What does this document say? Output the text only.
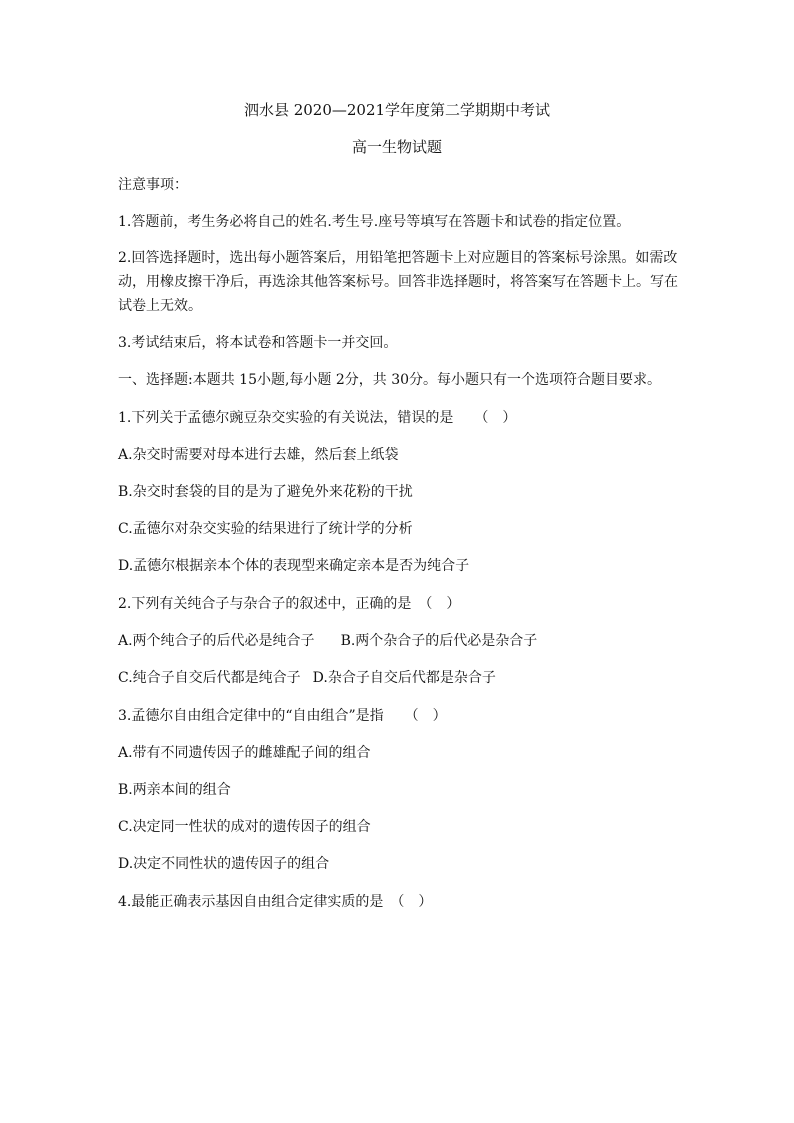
泗水县 2020—2021学年度第二学期期中考试
高一生物试题
注意事项：
1.答题前，考生务必将自己的姓名.考生号.座号等填写在答题卡和试卷的指定位置。
2.回答选择题时，选出每小题答案后，用铅笔把答题卡上对应题目的答案标号涂黑。如需改
动，用橡皮擦干净后，再选涂其他答案标号。回答非选择题时，将答案写在答题卡上。写在
试卷上无效。
3.考试结束后，将本试卷和答题卡一并交回。
一、选择题:本题共 15小题,每小题 2分，共 30分。每小题只有一个选项符合题目要求。
1.下列关于孟德尔豌豆杂交实验的有关说法，错误的是　　（　）
A.杂交时需要对母本进行去雄，然后套上纸袋
B.杂交时套袋的目的是为了避免外来花粉的干扰
C.孟德尔对杂交实验的结果进行了统计学的分析
D.孟德尔根据亲本个体的表现型来确定亲本是否为纯合子
2.下列有关纯合子与杂合子的叙述中，正确的是　（　）
A.两个纯合子的后代必是纯合子 B.两个杂合子的后代必是杂合子
C.纯合子自交后代都是纯合子 D.杂合子自交后代都是杂合子
3.孟德尔自由组合定律中的“自由组合”是指　　（　）
A.带有不同遗传因子的雌雄配子间的组合
B.两亲本间的组合
C.决定同一性状的成对的遗传因子的组合
D.决定不同性状的遗传因子的组合
4.最能正确表示基因自由组合定律实质的是　（　）
